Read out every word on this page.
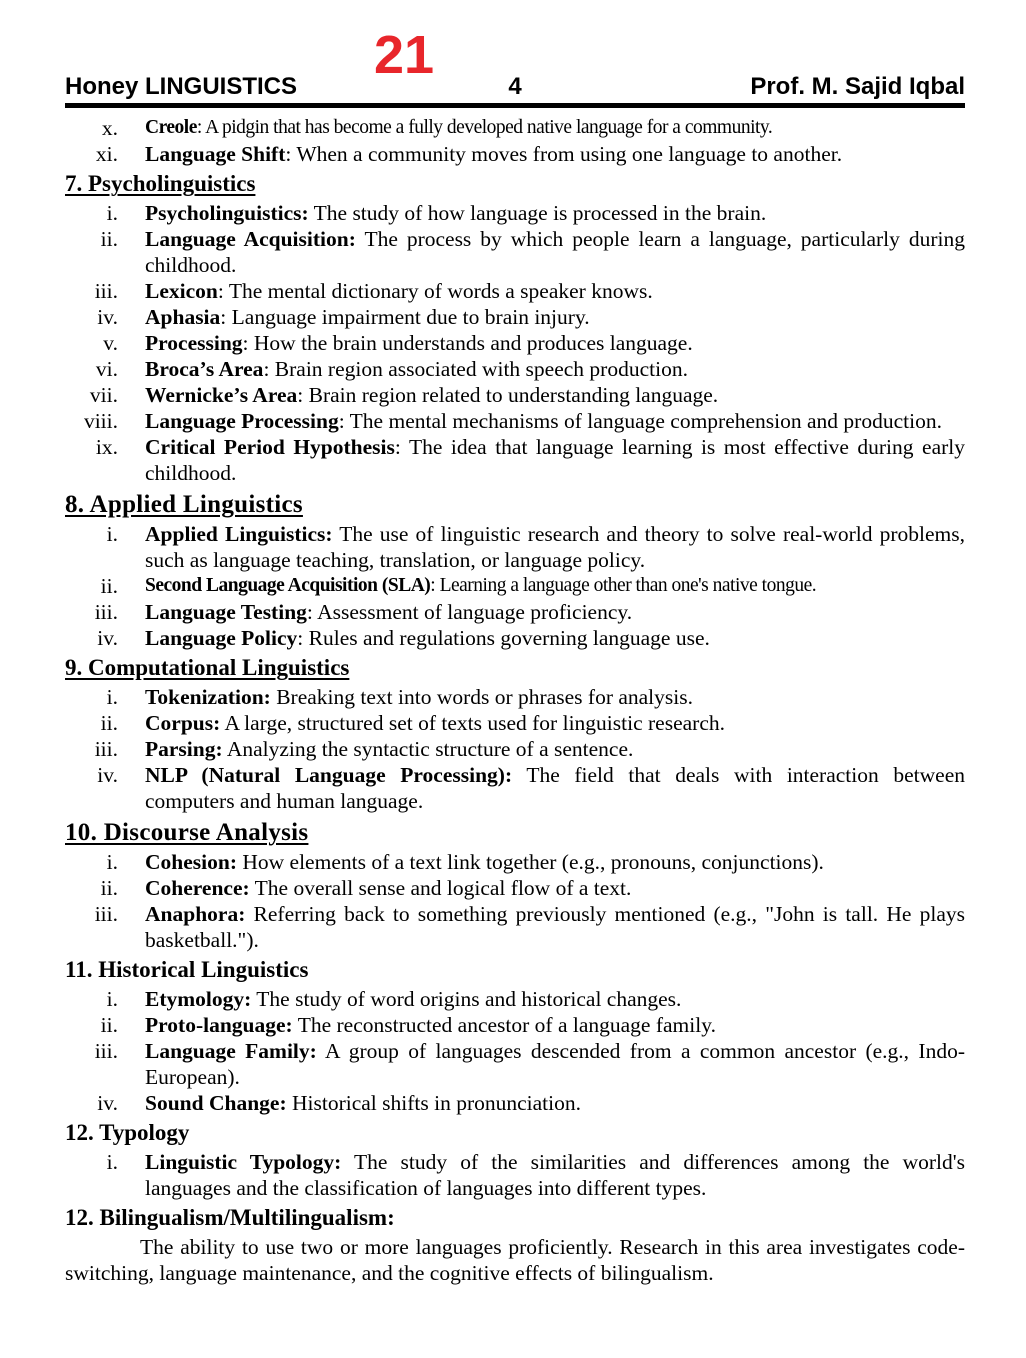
21
Honey LINGUISTICS	4	Prof. M. Sajid Iqbal
x. Creole: A pidgin that has become a fully developed native language for a community.
xi. Language Shift: When a community moves from using one language to another.
7. Psycholinguistics
i. Psycholinguistics: The study of how language is processed in the brain.
ii. Language Acquisition: The process by which people learn a language, particularly during childhood.
iii. Lexicon: The mental dictionary of words a speaker knows.
iv. Aphasia: Language impairment due to brain injury.
v. Processing: How the brain understands and produces language.
vi. Broca’s Area: Brain region associated with speech production.
vii. Wernicke’s Area: Brain region related to understanding language.
viii. Language Processing: The mental mechanisms of language comprehension and production.
ix. Critical Period Hypothesis: The idea that language learning is most effective during early childhood.
8. Applied Linguistics
i. Applied Linguistics: The use of linguistic research and theory to solve real-world problems, such as language teaching, translation, or language policy.
ii. Second Language Acquisition (SLA): Learning a language other than one's native tongue.
iii. Language Testing: Assessment of language proficiency.
iv. Language Policy: Rules and regulations governing language use.
9. Computational Linguistics
i. Tokenization: Breaking text into words or phrases for analysis.
ii. Corpus: A large, structured set of texts used for linguistic research.
iii. Parsing: Analyzing the syntactic structure of a sentence.
iv. NLP (Natural Language Processing): The field that deals with interaction between computers and human language.
10. Discourse Analysis
i. Cohesion: How elements of a text link together (e.g., pronouns, conjunctions).
ii. Coherence: The overall sense and logical flow of a text.
iii. Anaphora: Referring back to something previously mentioned (e.g., "John is tall. He plays basketball.").
11. Historical Linguistics
i. Etymology: The study of word origins and historical changes.
ii. Proto-language: The reconstructed ancestor of a language family.
iii. Language Family: A group of languages descended from a common ancestor (e.g., Indo-European).
iv. Sound Change: Historical shifts in pronunciation.
12. Typology
i. Linguistic Typology: The study of the similarities and differences among the world's languages and the classification of languages into different types.
12. Bilingualism/Multilingualism:
The ability to use two or more languages proficiently. Research in this area investigates code-switching, language maintenance, and the cognitive effects of bilingualism.
